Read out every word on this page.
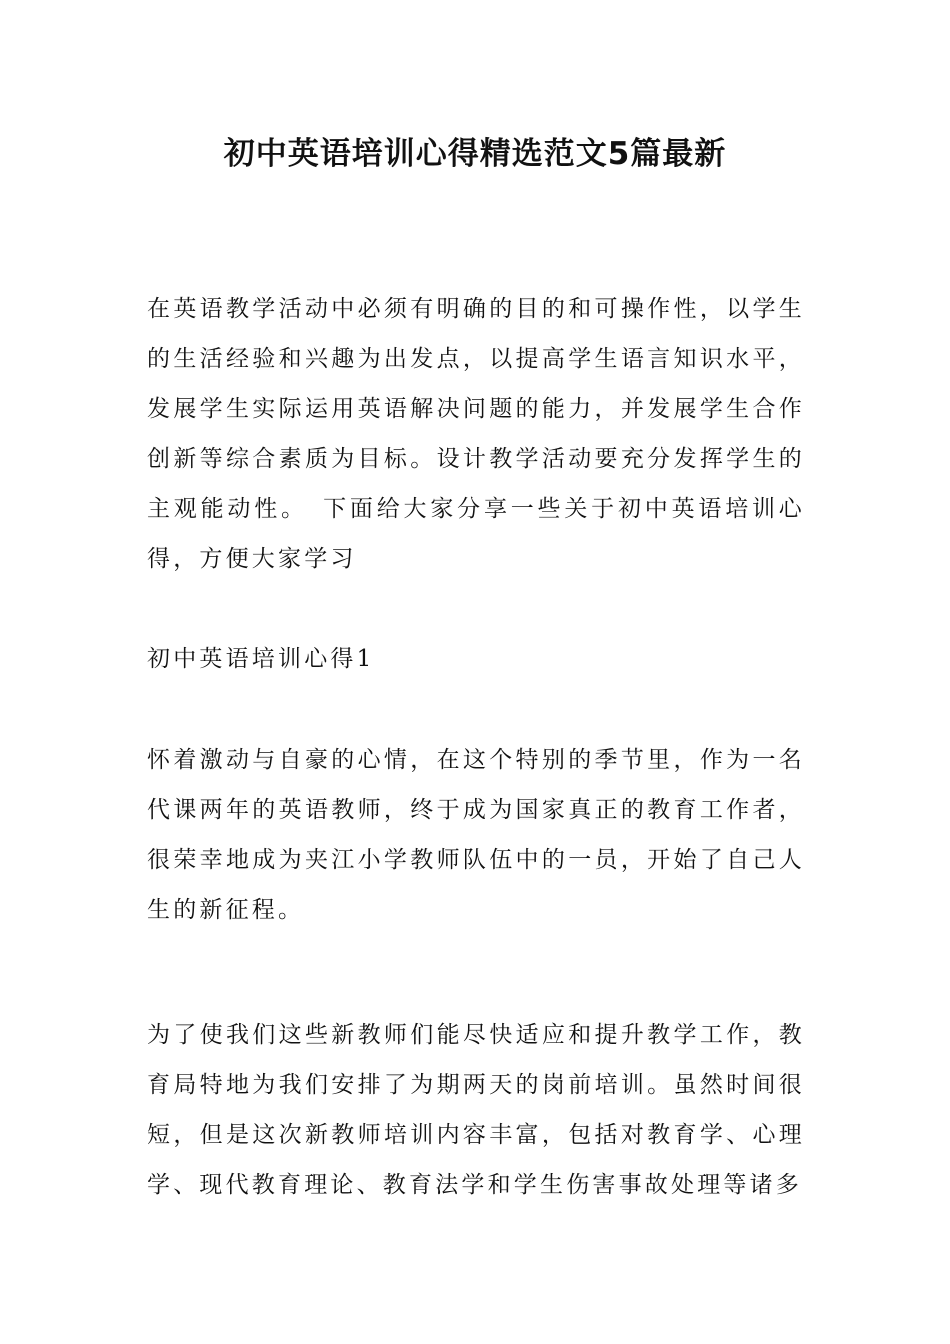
初中英语培训心得精选范文5篇最新

在英语教学活动中必须有明确的目的和可操作性，以学生的生活经验和兴趣为出发点，以提高学生语言知识水平，发展学生实际运用英语解决问题的能力，并发展学生合作创新等综合素质为目标。设计教学活动要充分发挥学生的主观能动性。　下面给大家分享一些关于初中英语培训心得，方便大家学习

初中英语培训心得1

怀着激动与自豪的心情，在这个特别的季节里，作为一名代课两年的英语教师，终于成为国家真正的教育工作者，很荣幸地成为夹江小学教师队伍中的一员，开始了自己人生的新征程。

为了使我们这些新教师们能尽快适应和提升教学工作，教育局特地为我们安排了为期两天的岗前培训。虽然时间很短，但是这次新教师培训内容丰富，包括对教育学、心理学、现代教育理论、教育法学和学生伤害事故处理等诸多
